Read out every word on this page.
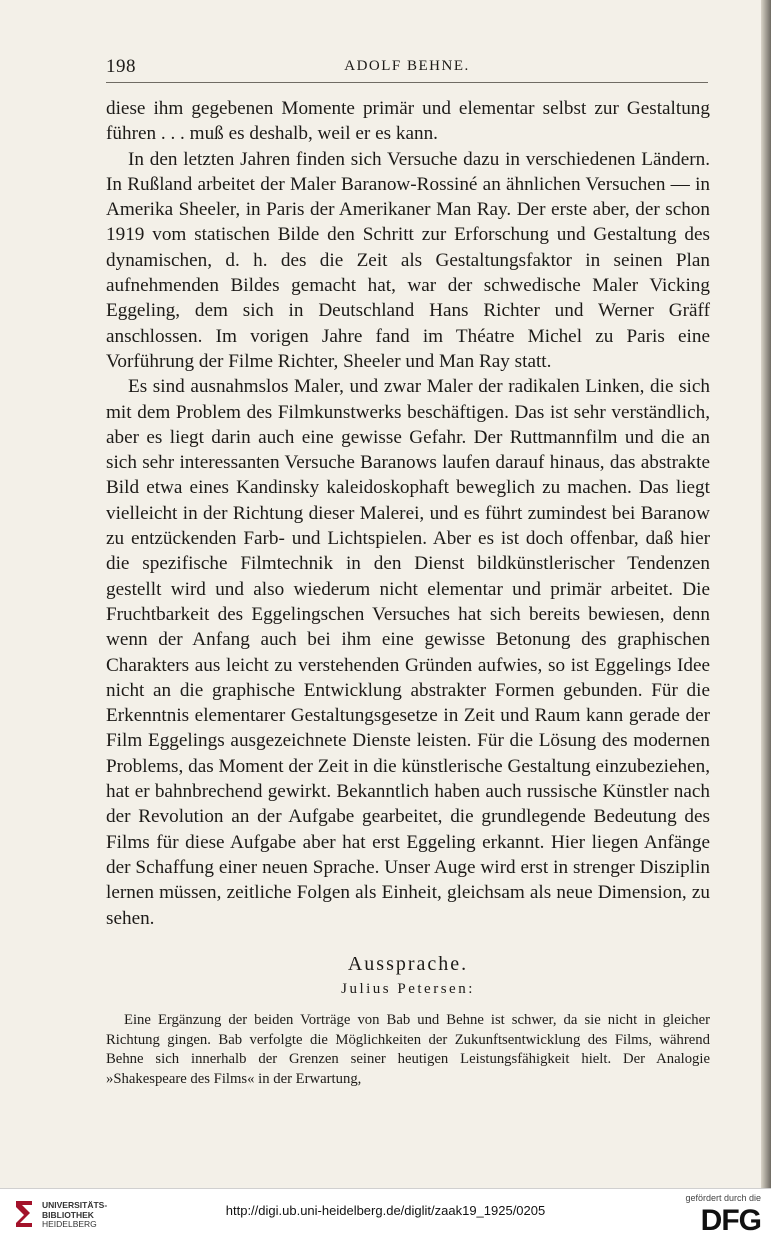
198	ADOLF BEHNE.

diese ihm gegebenen Momente primär und elementar selbst zur Gestaltung führen . . . muß es deshalb, weil er es kann.

In den letzten Jahren finden sich Versuche dazu in verschiedenen Ländern. In Rußland arbeitet der Maler Baranow-Rossiné an ähnlichen Versuchen — in Amerika Sheeler, in Paris der Amerikaner Man Ray. Der erste aber, der schon 1919 vom statischen Bilde den Schritt zur Erforschung und Gestaltung des dynamischen, d. h. des die Zeit als Gestaltungsfaktor in seinen Plan aufnehmenden Bildes gemacht hat, war der schwedische Maler Vicking Eggeling, dem sich in Deutschland Hans Richter und Werner Gräff anschlossen. Im vorigen Jahre fand im Théatre Michel zu Paris eine Vorführung der Filme Richter, Sheeler und Man Ray statt.

Es sind ausnahmslos Maler, und zwar Maler der radikalen Linken, die sich mit dem Problem des Filmkunstwerks beschäftigen. Das ist sehr verständlich, aber es liegt darin auch eine gewisse Gefahr. Der Ruttmannfilm und die an sich sehr interessanten Versuche Baranows laufen darauf hinaus, das abstrakte Bild etwa eines Kandinsky kaleidoskophaft beweglich zu machen. Das liegt vielleicht in der Richtung dieser Malerei, und es führt zumindest bei Baranow zu entzückenden Farb- und Lichtspielen. Aber es ist doch offenbar, daß hier die spezifische Filmtechnik in den Dienst bildkünstlerischer Tendenzen gestellt wird und also wiederum nicht elementar und primär arbeitet. Die Fruchtbarkeit des Eggelingschen Versuches hat sich bereits bewiesen, denn wenn der Anfang auch bei ihm eine gewisse Betonung des graphischen Charakters aus leicht zu verstehenden Gründen aufwies, so ist Eggelings Idee nicht an die graphische Entwicklung abstrakter Formen gebunden. Für die Erkenntnis elementarer Gestaltungsgesetze in Zeit und Raum kann gerade der Film Eggelings ausgezeichnete Dienste leisten. Für die Lösung des modernen Problems, das Moment der Zeit in die künstlerische Gestaltung einzubeziehen, hat er bahnbrechend gewirkt. Bekanntlich haben auch russische Künstler nach der Revolution an der Aufgabe gearbeitet, die grundlegende Bedeutung des Films für diese Aufgabe aber hat erst Eggeling erkannt. Hier liegen Anfänge der Schaffung einer neuen Sprache. Unser Auge wird erst in strenger Disziplin lernen müssen, zeitliche Folgen als Einheit, gleichsam als neue Dimension, zu sehen.

Aussprache.
Julius Petersen:
Eine Ergänzung der beiden Vorträge von Bab und Behne ist schwer, da sie nicht in gleicher Richtung gingen. Bab verfolgte die Möglichkeiten der Zukunftsentwicklung des Films, während Behne sich innerhalb der Grenzen seiner heutigen Leistungsfähigkeit hielt. Der Analogie »Shakespeare des Films« in der Erwartung,
UNIVERSITÄTS-
BIBLIOTHEK
HEIDELBERG
http://digi.ub.uni-heidelberg.de/diglit/zaak19_1925/0205
gefördert durch die
DFG
